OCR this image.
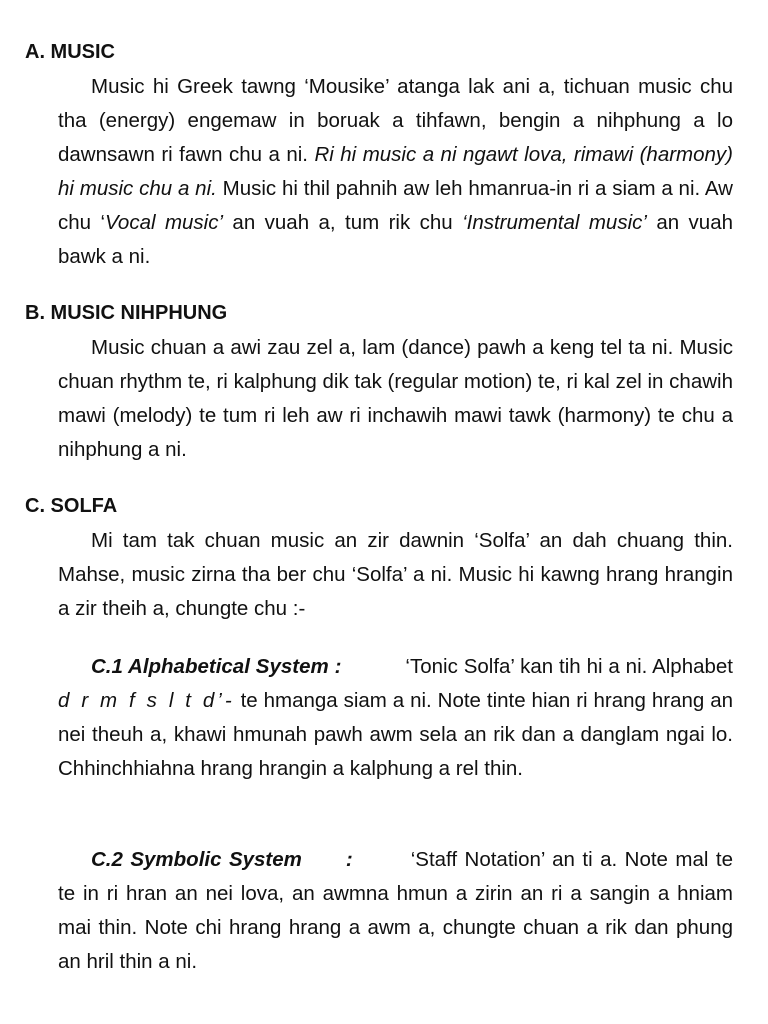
A. MUSIC

Music hi Greek tawng ‘Mousike’ atanga lak ani a, tichuan music chu tha (energy) engemaw in boruak a tihfawn, bengin a nihphung a lo dawnsawn ri fawn chu a ni. Ri hi music a ni ngawt lova, rimawi (harmony) hi music chu a ni. Music hi thil pahnih aw leh hmanrua-in ri a siam a ni. Aw chu ‘Vocal music’ an vuah a, tum rik chu ‘Instrumental music’ an vuah bawk a ni.

B. MUSIC NIHPHUNG

Music chuan a awi zau zel a, lam (dance) pawh a keng tel ta ni. Music chuan rhythm te, ri kalphung dik tak (regular motion) te, ri kal zel in chawih mawi (melody) te tum ri leh aw ri inchawih mawi tawk (harmony) te chu a nihphung a ni.

C. SOLFA

Mi tam tak chuan music an zir dawnin ‘Solfa’ an dah chuang thin. Mahse, music zirna tha ber chu ‘Solfa’ a ni. Music hi kawng hrang hrangin a zir theih a, chungte chu :-

C.1 Alphabetical System :	‘Tonic Solfa’ kan tih hi a ni. Alphabet d r m f s l t d’- te hmanga siam a ni. Note tinte hian ri hrang hrang an nei theuh a, khawi hmunah pawh awm sela an rik dan a danglam ngai lo. Chhinchhiahna hrang hrangin a kalphung a rel thin.

C.2 Symbolic System :	‘Staff Notation’ an ti a. Note mal te te in ri hran an nei lova, an awmna hmun a zirin an ri a sangin a hniam mai thin. Note chi hrang hrang a awm a, chungte chuan a rik dan phung an hril thin a ni.
